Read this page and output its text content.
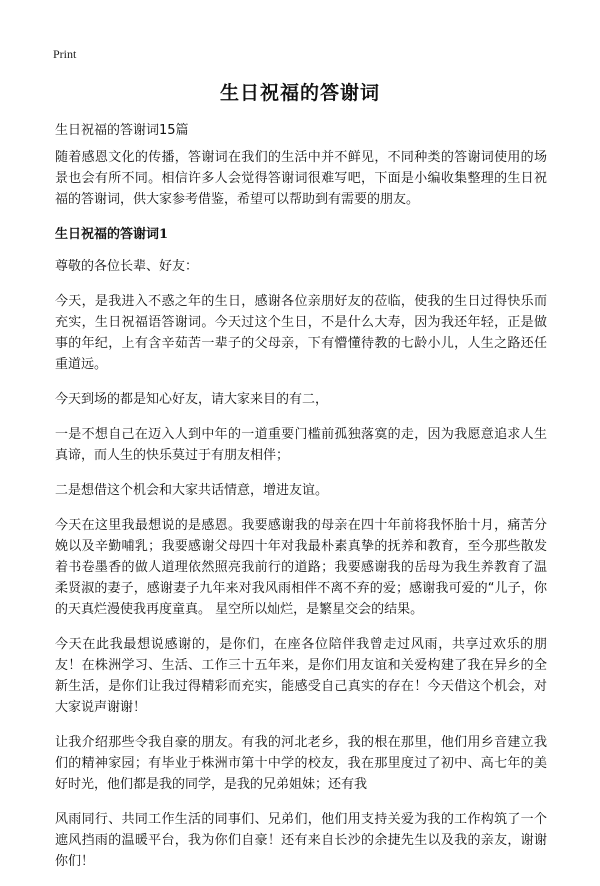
Print
生日祝福的答谢词

生日祝福的答谢词15篇

随着感恩文化的传播，答谢词在我们的生活中并不鲜见，不同种类的答谢词使用的场景也会有所不同。相信许多人会觉得答谢词很难写吧，下面是小编收集整理的生日祝福的答谢词，供大家参考借鉴，希望可以帮助到有需要的朋友。

生日祝福的答谢词1

尊敬的各位长辈、好友：

今天，是我进入不惑之年的生日，感谢各位亲朋好友的莅临，使我的生日过得快乐而充实，生日祝福语答谢词。今天过这个生日，不是什么大寿，因为我还年轻，正是做事的年纪，上有含辛茹苦一辈子的父母亲，下有懵懂待教的七龄小儿，人生之路还任重道远。

今天到场的都是知心好友，请大家来目的有二，

一是不想自己在迈入人到中年的一道重要门槛前孤独落寞的走，因为我愿意追求人生真谛，而人生的快乐莫过于有朋友相伴；

二是想借这个机会和大家共话情意，增进友谊。

今天在这里我最想说的是感恩。我要感谢我的母亲在四十年前将我怀胎十月，痛苦分娩以及辛勤哺乳；我要感谢父母四十年对我最朴素真挚的抚养和教育，至今那些散发着书卷墨香的做人道理依然照亮我前行的道路；我要感谢我的岳母为我生养教育了温柔贤淑的妻子，感谢妻子九年来对我风雨相伴不离不弃的爱；感谢我可爱的“儿子，你的天真烂漫使我再度童真。 星空所以灿烂，是繁星交会的结果。

今天在此我最想说感谢的，是你们，在座各位陪伴我曾走过风雨，共享过欢乐的朋友！在株洲学习、生活、工作三十五年来，是你们用友谊和关爱构建了我在异乡的全新生活，是你们让我过得精彩而充实，能感受自己真实的存在！今天借这个机会，对大家说声谢谢！

让我介绍那些令我自豪的朋友。有我的河北老乡，我的根在那里，他们用乡音建立我们的精神家园；有毕业于株洲市第十中学的校友，我在那里度过了初中、高七年的美好时光，他们都是我的同学，是我的兄弟姐妹；还有我

风雨同行、共同工作生活的同事们、兄弟们，他们用支持关爱为我的工作构筑了一个遮风挡雨的温暖平台，我为你们自豪！还有来自长沙的余捷先生以及我的亲友，谢谢你们！
